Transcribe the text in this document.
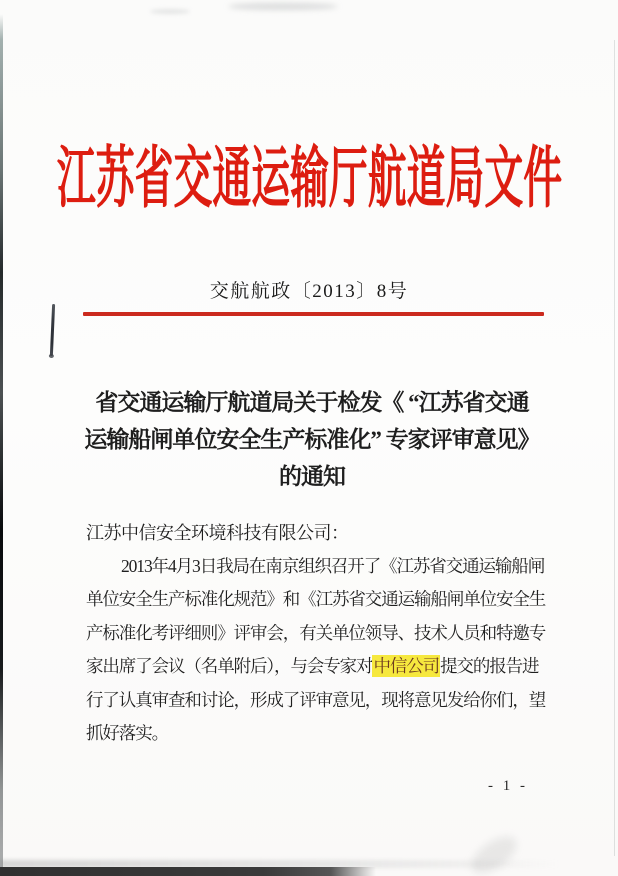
江苏省交通运输厅航道局文件
交航航政〔2013〕8号
省交通运输厅航道局关于检发《 “江苏省交通
运输船闸单位安全生产标准化” 专家评审意见》
的通知
江苏中信安全环境科技有限公司：
2013年4月3日我局在南京组织召开了《江苏省交通运输船闸
单位安全生产标准化规范》和《江苏省交通运输船闸单位安全生
产标准化考评细则》评审会，有关单位领导、技术人员和特邀专
家出席了会议（名单附后），与会专家对中信公司提交的报告进
行了认真审查和讨论，形成了评审意见，现将意见发给你们，望
抓好落实。
- 1 -
